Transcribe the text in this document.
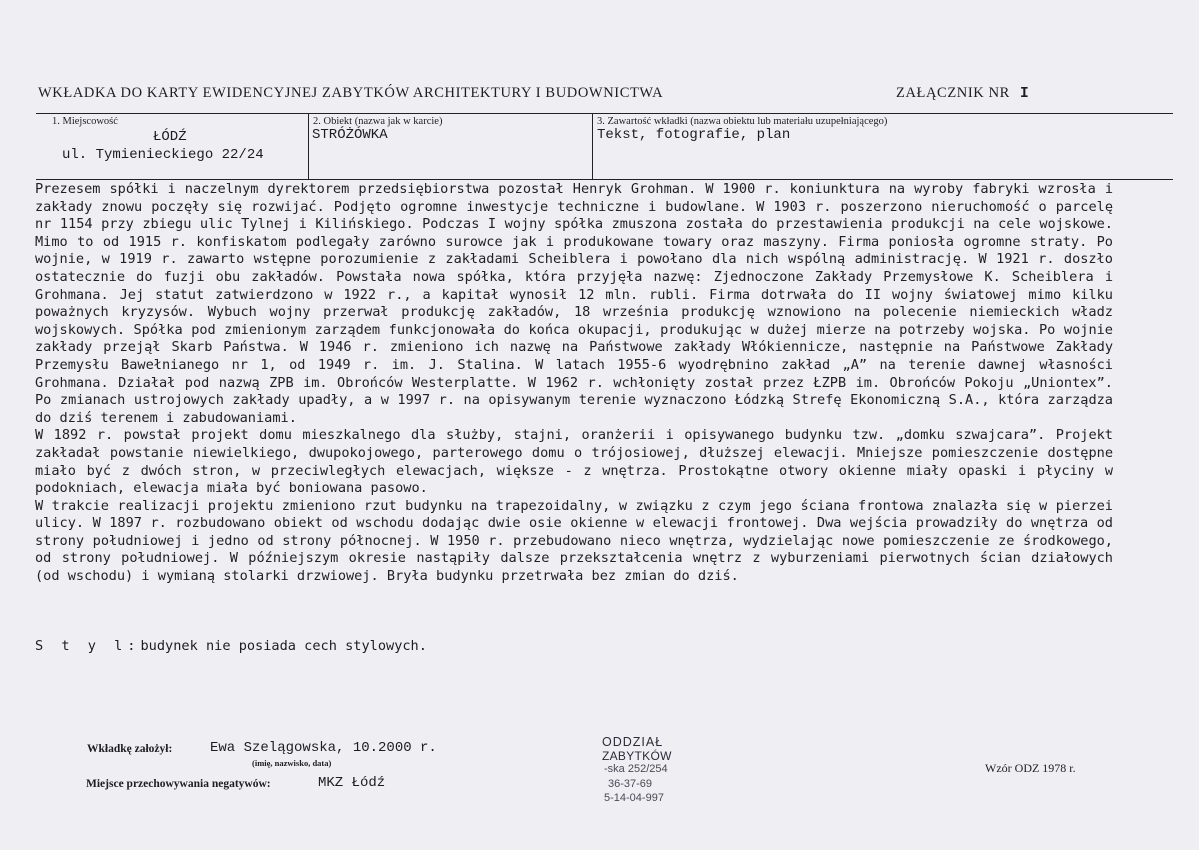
WKŁADKA DO KARTY EWIDENCYJNEJ ZABYTKÓW ARCHITEKTURY I BUDOWNICTWA	ZAŁĄCZNIK NR I
1. Miejscowość
ŁÓDŹ
ul. Tymienieckiego 22/24
2. Obiekt (nazwa jak w karcie)
STRÓŻÓWKA
3. Zawartość wkładki (nazwa obiektu lub materiału uzupełniającego)
Tekst, fotografie, plan

Prezesem spółki i naczelnym dyrektorem przedsiębiorstwa pozostał Henryk Grohman. W 1900 r. koniunktura na wyroby fabryki wzrosła i zakłady znowu poczęły się rozwijać. Podjęto ogromne inwestycje techniczne i budowlane. W 1903 r. poszerzono nieruchomość o parcelę nr 1154 przy zbiegu ulic Tylnej i Kilińskiego. Podczas I wojny spółka zmuszona została do przestawienia produkcji na cele wojskowe. Mimo to od 1915 r. konfiskatom podlegały zarówno surowce jak i produkowane towary oraz maszyny. Firma poniosła ogromne straty. Po wojnie, w 1919 r. zawarto wstępne porozumienie z zakładami Scheiblera i powołano dla nich wspólną administrację. W 1921 r. doszło ostatecznie do fuzji obu zakładów. Powstała nowa spółka, która przyjęła nazwę: Zjednoczone Zakłady Przemysłowe K. Scheiblera i Grohmana. Jej statut zatwierdzono w 1922 r., a kapitał wynosił 12 mln. rubli. Firma dotrwała do II wojny światowej mimo kilku poważnych kryzysów. Wybuch wojny przerwał produkcję zakładów, 18 września produkcję wznowiono na polecenie niemieckich władz wojskowych. Spółka pod zmienionym zarządem funkcjonowała do końca okupacji, produkując w dużej mierze na potrzeby wojska. Po wojnie zakłady przejął Skarb Państwa. W 1946 r. zmieniono ich nazwę na Państwowe zakłady Włókiennicze, następnie na Państwowe Zakłady Przemysłu Bawełnianego nr 1, od 1949 r. im. J. Stalina. W latach 1955-6 wyodrębnino zakład „A” na terenie dawnej własności Grohmana. Działał pod nazwą ZPB im. Obrońców Westerplatte. W 1962 r. wchłonięty został przez ŁZPB im. Obrońców Pokoju „Uniontex”. Po zmianach ustrojowych zakłady upadły, a w 1997 r. na opisywanym terenie wyznaczono Łódzką Strefę Ekonomiczną S.A., która zarządza do dziś terenem i zabudowaniami.

W 1892 r. powstał projekt domu mieszkalnego dla służby, stajni, oranżerii i opisywanego budynku tzw. „domku szwajcara”. Projekt zakładał powstanie niewielkiego, dwupokojowego, parterowego domu o trójosiowej, dłuższej elewacji. Mniejsze pomieszczenie dostępne miało być z dwóch stron, w przeciwległych elewacjach, większe - z wnętrza. Prostokątne otwory okienne miały opaski i płyciny w podokniach, elewacja miała być boniowana pasowo.

W trakcie realizacji projektu zmieniono rzut budynku na trapezoidalny, w związku z czym jego ściana frontowa znalazła się w pierzei ulicy. W 1897 r. rozbudowano obiekt od wschodu dodając dwie osie okienne w elewacji frontowej. Dwa wejścia prowadziły do wnętrza od strony południowej i jedno od strony północnej. W 1950 r. przebudowano nieco wnętrza, wydzielając nowe pomieszczenie ze środkowego, od strony południowej. W późniejszym okresie nastąpiły dalsze przekształcenia wnętrz z wyburzeniami pierwotnych ścian działowych (od wschodu) i wymianą stolarki drzwiowej. Bryła budynku przetrwała bez zmian do dziś.

S t y l:budynek nie posiada cech stylowych.
Wkładkę założył:	Ewa Szelągowska, 10.2000 r.
(imię, nazwisko, data)
Miejsce przechowywania negatywów:	MKZ Łódź
ODDZIAŁ
ZABYTKÓW
-ska 252/254
36-37-69
5-14-04-997
Wzór ODZ 1978 r.
